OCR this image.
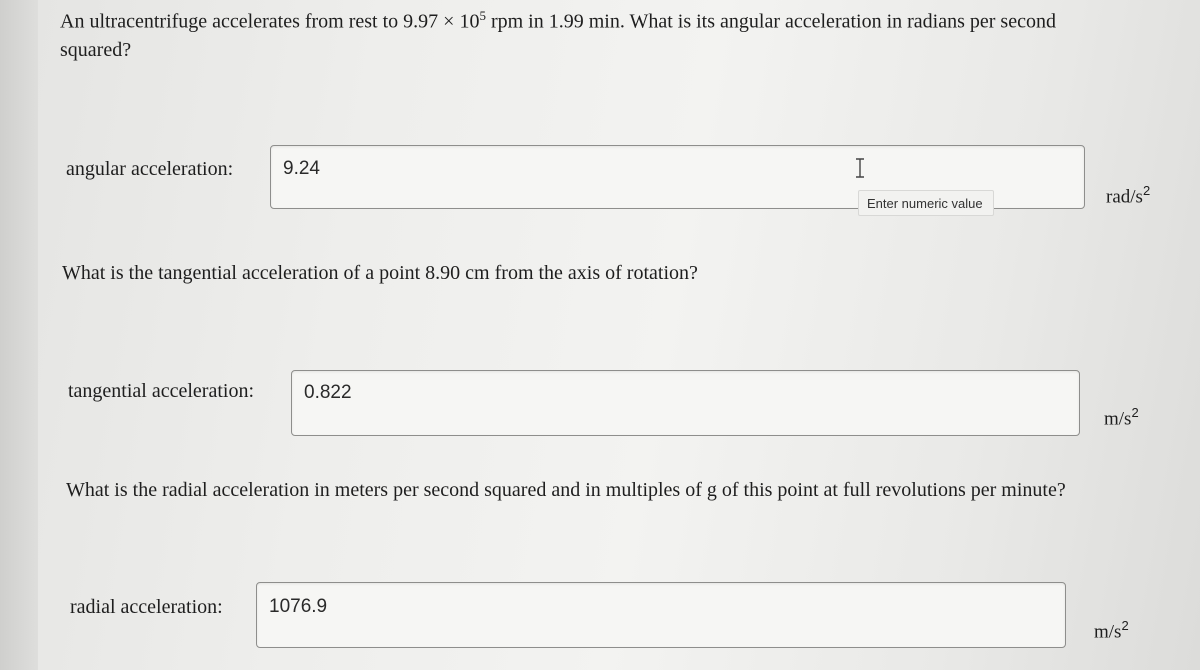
An ultracentrifuge accelerates from rest to $9.97 \times 10^5$ rpm in 1.99 min. What is its angular acceleration in radians per second squared?
angular acceleration:	9.24
Enter numeric value	rad/$s^2$
What is the tangential acceleration of a point 8.90 cm from the axis of rotation?
tangential acceleration:	0.822
$m/s^2$
What is the radial acceleration in meters per second squared and in multiples of g of this point at full revolutions per minute?
radial acceleration: 1076.9
$m/s^2$
